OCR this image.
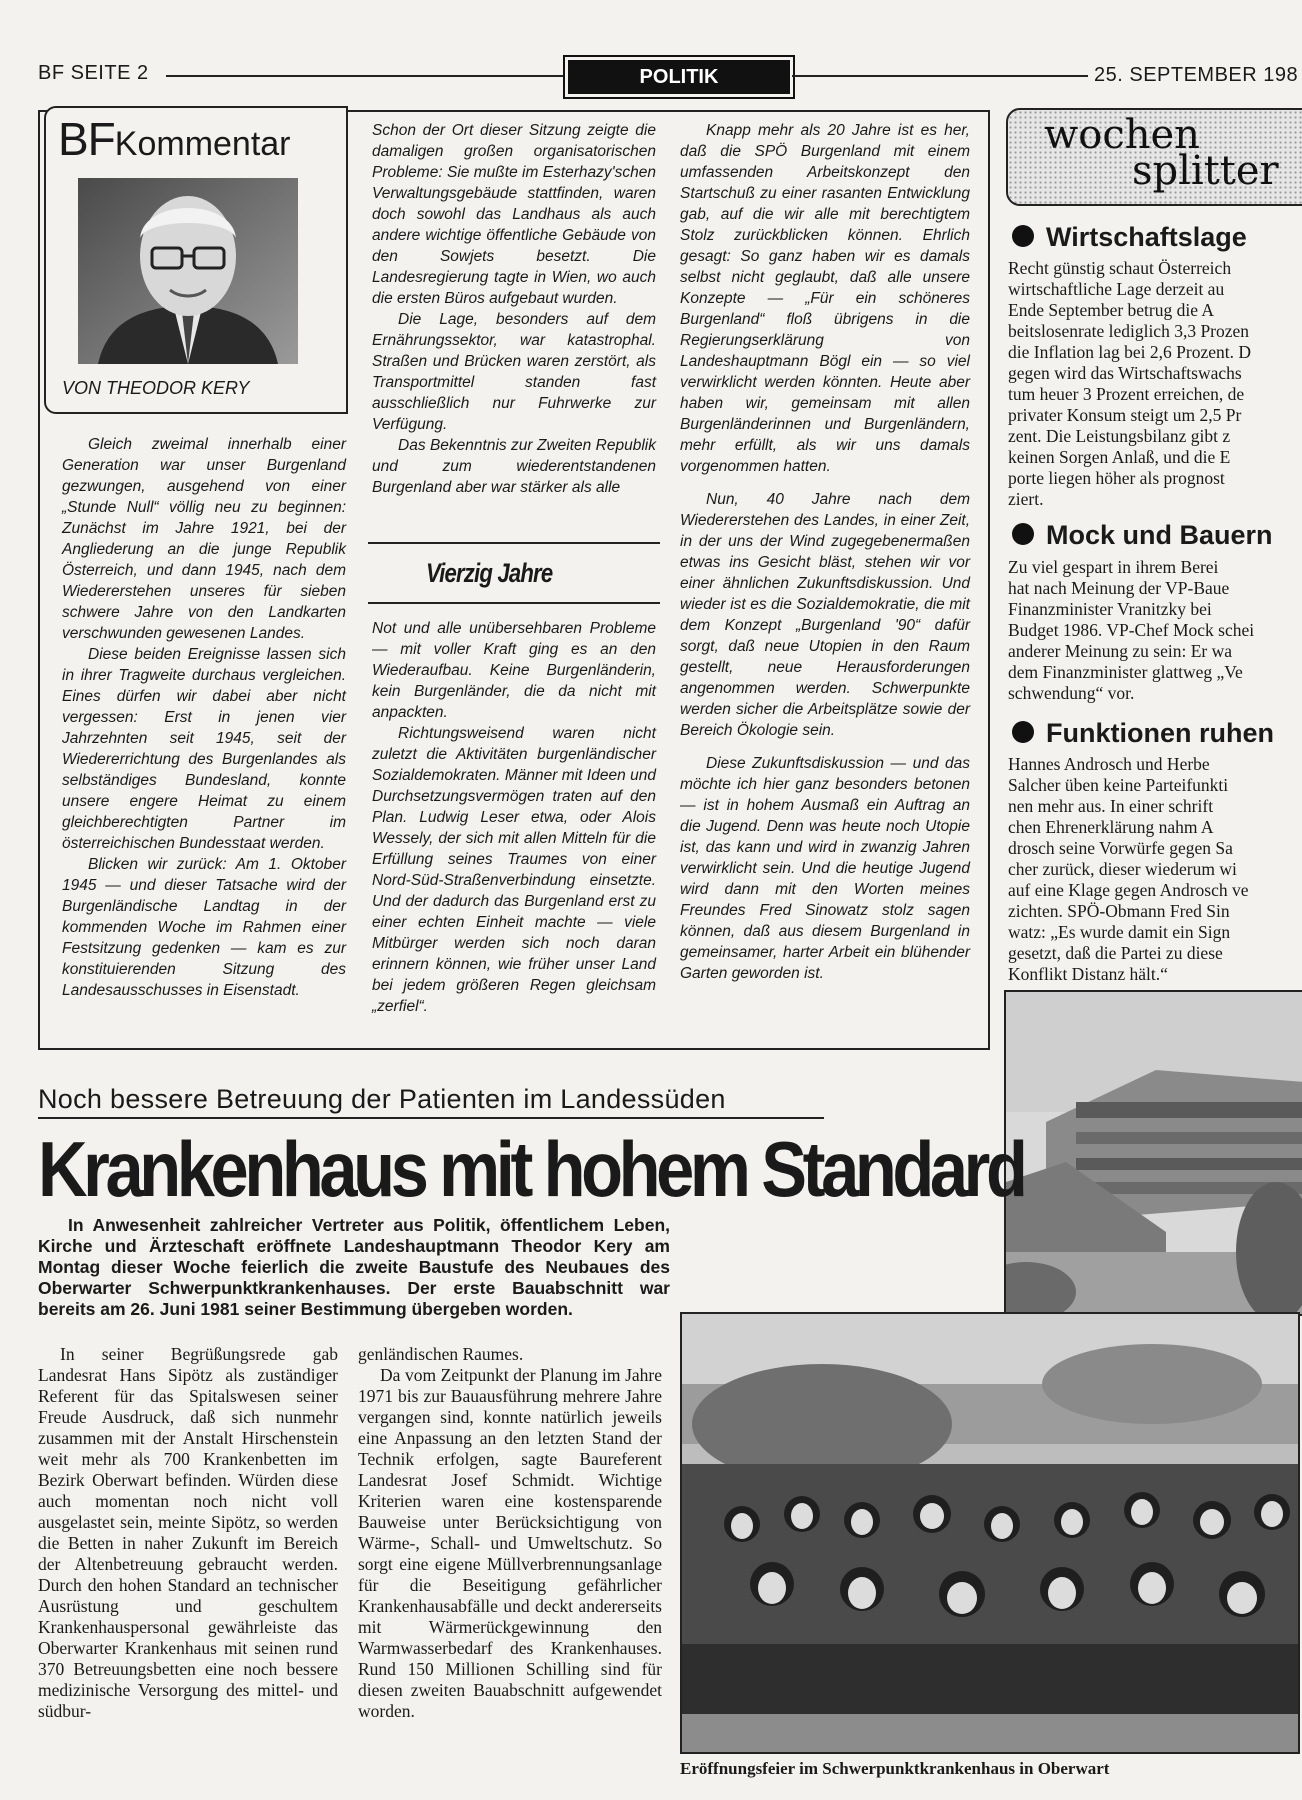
BF SEITE 2	POLITIK	25. SEPTEMBER 198
BFKommentar
VON THEODOR KERY

Gleich zweimal innerhalb einer Generation war unser Burgenland gezwungen, ausgehend von einer „Stunde Null“ völlig neu zu beginnen: Zunächst im Jahre 1921, bei der Angliederung an die junge Republik Österreich, und dann 1945, nach dem Wiedererstehen unseres für sieben schwere Jahre von den Landkarten verschwunden gewesenen Landes.

Diese beiden Ereignisse lassen sich in ihrer Tragweite durchaus vergleichen. Eines dürfen wir dabei aber nicht vergessen: Erst in jenen vier Jahrzehnten seit 1945, seit der Wiedererrichtung des Burgenlandes als selbständiges Bundesland, konnte unsere engere Heimat zu einem gleichberechtigten Partner im österreichischen Bundesstaat werden.

Blicken wir zurück: Am 1. Oktober 1945 — und dieser Tatsache wird der Burgenländische Landtag in der kommenden Woche im Rahmen einer Festsitzung gedenken — kam es zur konstituierenden Sitzung des Landesausschusses in Eisenstadt.

Schon der Ort dieser Sitzung zeigte die damaligen großen organisatorischen Probleme: Sie mußte im Esterhazy'schen Verwaltungsgebäude stattfinden, waren doch sowohl das Landhaus als auch andere wichtige öffentliche Gebäude von den Sowjets besetzt. Die Landesregierung tagte in Wien, wo auch die ersten Büros aufgebaut wurden.

Die Lage, besonders auf dem Ernährungssektor, war katastrophal. Straßen und Brücken waren zerstört, als Transportmittel standen fast ausschließlich nur Fuhrwerke zur Verfügung.

Das Bekenntnis zur Zweiten Republik und zum wiederentstandenen Burgenland aber war stärker als alle

Vierzig Jahre

Not und alle unübersehbaren Probleme — mit voller Kraft ging es an den Wiederaufbau. Keine Burgenländerin, kein Burgenländer, die da nicht mit anpackten.

Richtungsweisend waren nicht zuletzt die Aktivitäten burgenländischer Sozialdemokraten. Männer mit Ideen und Durchsetzungsvermögen traten auf den Plan. Ludwig Leser etwa, oder Alois Wessely, der sich mit allen Mitteln für die Erfüllung seines Traumes von einer Nord-Süd-Straßenverbindung einsetzte. Und der dadurch das Burgenland erst zu einer echten Einheit machte — viele Mitbürger werden sich noch daran erinnern können, wie früher unser Land bei jedem größeren Regen gleichsam „zerfiel“.

Knapp mehr als 20 Jahre ist es her, daß die SPÖ Burgenland mit einem umfassenden Arbeitskonzept den Startschuß zu einer rasanten Entwicklung gab, auf die wir alle mit berechtigtem Stolz zurückblicken können. Ehrlich gesagt: So ganz haben wir es damals selbst nicht geglaubt, daß alle unsere Konzepte — „Für ein schöneres Burgenland“ floß übrigens in die Regierungserklärung von Landeshauptmann Bögl ein — so viel verwirklicht werden könnten. Heute aber haben wir, gemeinsam mit allen Burgenländerinnen und Burgenländern, mehr erfüllt, als wir uns damals vorgenommen hatten.

Nun, 40 Jahre nach dem Wiedererstehen des Landes, in einer Zeit, in der uns der Wind zugegebenermaßen etwas ins Gesicht bläst, stehen wir vor einer ähnlichen Zukunftsdiskussion. Und wieder ist es die Sozialdemokratie, die mit dem Konzept „Burgenland '90“ dafür sorgt, daß neue Utopien in den Raum gestellt, neue Herausforderungen angenommen werden. Schwerpunkte werden sicher die Arbeitsplätze sowie der Bereich Ökologie sein.

Diese Zukunftsdiskussion — und das möchte ich hier ganz besonders betonen — ist in hohem Ausmaß ein Auftrag an die Jugend. Denn was heute noch Utopie ist, das kann und wird in zwanzig Jahren verwirklicht sein. Und die heutige Jugend wird dann mit den Worten meines Freundes Fred Sinowatz stolz sagen können, daß aus diesem Burgenland in gemeinsamer, harter Arbeit ein blühender Garten geworden ist.

wochen
splitter
Wirtschaftslage
Recht günstig schaut Österreich
wirtschaftliche Lage derzeit au
Ende September betrug die A
beitslosenrate lediglich 3,3 Prozen
die Inflation lag bei 2,6 Prozent. D
gegen wird das Wirtschaftswachs
tum heuer 3 Prozent erreichen, de
privater Konsum steigt um 2,5 Pr
zent. Die Leistungsbilanz gibt z
keinen Sorgen Anlaß, und die E
porte liegen höher als prognost
ziert.
Mock und Bauern
Zu viel gespart in ihrem Berei
hat nach Meinung der VP-Baue
Finanzminister Vranitzky bei
Budget 1986. VP-Chef Mock schei
anderer Meinung zu sein: Er wa
dem Finanzminister glattweg „Ve
schwendung“ vor.
Funktionen ruhen
Hannes Androsch und Herbe
Salcher üben keine Parteifunkti
nen mehr aus. In einer schrift
chen Ehrenerklärung nahm A
drosch seine Vorwürfe gegen Sa
cher zurück, dieser wiederum wi
auf eine Klage gegen Androsch ve
zichten. SPÖ-Obmann Fred Sin
watz: „Es wurde damit ein Sign
gesetzt, daß die Partei zu diese
Konflikt Distanz hält.“
Noch bessere Betreuung der Patienten im Landessüden
Krankenhaus mit hohem Standard
In Anwesenheit zahlreicher Vertreter aus Politik, öffentlichem Leben, Kirche und Ärzteschaft eröffnete Landeshauptmann Theodor Kery am Montag dieser Woche feierlich die zweite Baustufe des Neubaues des Oberwarter Schwerpunktkrankenhauses. Der erste Bauabschnitt war bereits am 26. Juni 1981 seiner Bestimmung übergeben worden.

In seiner Begrüßungsrede gab Landesrat Hans Sipötz als zuständiger Referent für das Spitalswesen seiner Freude Ausdruck, daß sich nunmehr zusammen mit der Anstalt Hirschenstein weit mehr als 700 Krankenbetten im Bezirk Oberwart befinden. Würden diese auch momentan noch nicht voll ausgelastet sein, meinte Sipötz, so werden die Betten in naher Zukunft im Bereich der Altenbetreuung gebraucht werden. Durch den hohen Standard an technischer Ausrüstung und geschultem Krankenhauspersonal gewährleiste das Oberwarter Krankenhaus mit seinen rund 370 Betreuungsbetten eine noch bessere medizinische Versorgung des mittel- und südbur-

genländischen Raumes.

Da vom Zeitpunkt der Planung im Jahre 1971 bis zur Bauausführung mehrere Jahre vergangen sind, konnte natürlich jeweils eine Anpassung an den letzten Stand der Technik erfolgen, sagte Baureferent Landesrat Josef Schmidt. Wichtige Kriterien waren eine kostensparende Bauweise unter Berücksichtigung von Wärme-, Schall- und Umweltschutz. So sorgt eine eigene Müllverbrennungsanlage für die Beseitigung gefährlicher Krankenhausabfälle und deckt andererseits mit Wärmerückgewinnung den Warmwasserbedarf des Krankenhauses. Rund 150 Millionen Schilling sind für diesen zweiten Bauabschnitt aufgewendet worden.

Eröffnungsfeier im Schwerpunktkrankenhaus in Oberwart
